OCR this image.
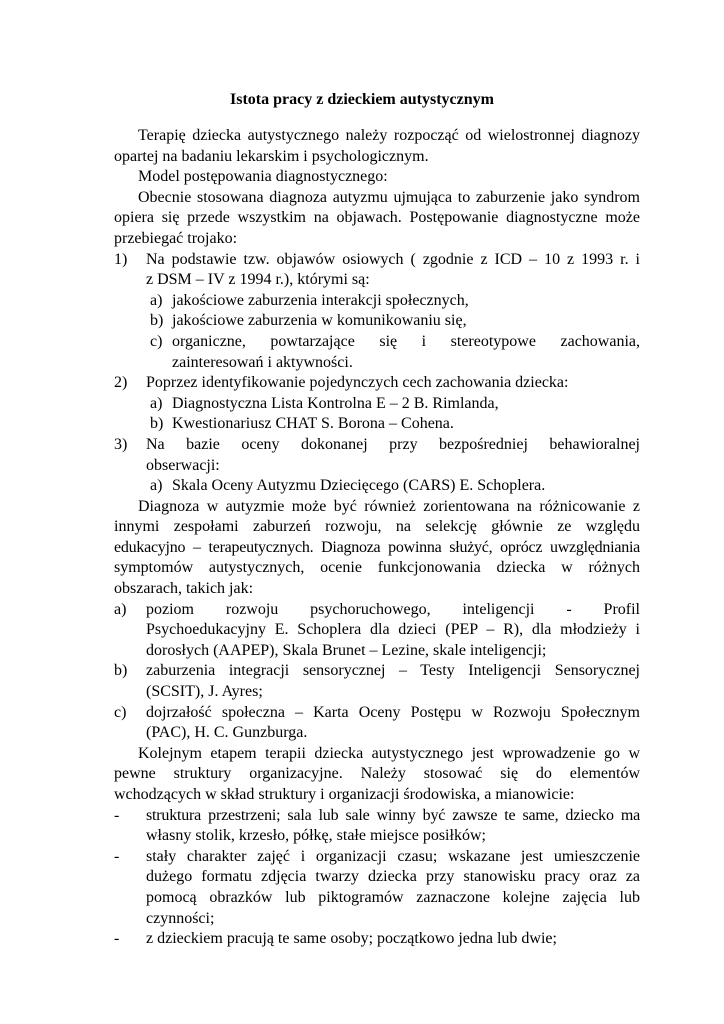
Istota pracy z dzieckiem autystycznym

Terapię dziecka autystycznego należy rozpocząć od wielostronnej diagnozy

opartej na badaniu lekarskim i psychologicznym.

Model postępowania diagnostycznego:

Obecnie stosowana diagnoza autyzmu ujmująca to zaburzenie jako syndrom

opiera się przede wszystkim na objawach. Postępowanie diagnostyczne może

przebiegać trojako:

1) Na podstawie tzw. objawów osiowych ( zgodnie z ICD – 10 z 1993 r. i

z DSM – IV z 1994 r.), którymi są:

a) jakościowe zaburzenia interakcji społecznych,

b) jakościowe zaburzenia w komunikowaniu się,

c) organiczne, powtarzające się i stereotypowe zachowania,

zainteresowań i aktywności.

2) Poprzez identyfikowanie pojedynczych cech zachowania dziecka:

a) Diagnostyczna Lista Kontrolna E – 2 B. Rimlanda,

b) Kwestionariusz CHAT S. Borona – Cohena.

3) Na bazie oceny dokonanej przy bezpośredniej behawioralnej

obserwacji:

a) Skala Oceny Autyzmu Dziecięcego (CARS) E. Schoplera.

Diagnoza w autyzmie może być również zorientowana na różnicowanie z

innymi zespołami zaburzeń rozwoju, na selekcję głównie ze względu

edukacyjno – terapeutycznych. Diagnoza powinna służyć, oprócz uwzględniania

symptomów autystycznych, ocenie funkcjonowania dziecka w różnych

obszarach, takich jak:

a) poziom rozwoju psychoruchowego, inteligencji - Profil

Psychoedukacyjny E. Schoplera dla dzieci (PEP – R), dla młodzieży i

dorosłych (AAPEP), Skala Brunet – Lezine, skale inteligencji;

b) zaburzenia integracji sensorycznej – Testy Inteligencji Sensorycznej

(SCSIT), J. Ayres;

c) dojrzałość społeczna – Karta Oceny Postępu w Rozwoju Społecznym

(PAC), H. C. Gunzburga.

Kolejnym etapem terapii dziecka autystycznego jest wprowadzenie go w

pewne struktury organizacyjne. Należy stosować się do elementów

wchodzących w skład struktury i organizacji środowiska, a mianowicie:

- struktura przestrzeni; sala lub sale winny być zawsze te same, dziecko ma

własny stolik, krzesło, półkę, stałe miejsce posiłków;

- stały charakter zajęć i organizacji czasu; wskazane jest umieszczenie

dużego formatu zdjęcia twarzy dziecka przy stanowisku pracy oraz za

pomocą obrazków lub piktogramów zaznaczone kolejne zajęcia lub

czynności;

- z dzieckiem pracują te same osoby; początkowo jedna lub dwie;
